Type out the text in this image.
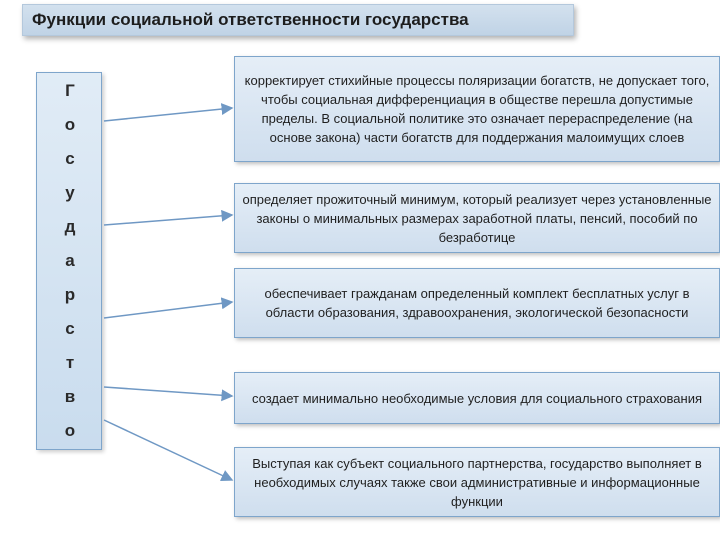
Функции социальной ответственности государства
Г
о
с
у
д
а
р
с
т
в
о
корректирует стихийные процессы поляризации богатств, не допускает того, чтобы социальная дифференциация в обществе перешла допустимые пределы. В социальной политике это означает перераспределение (на основе закона) части богатств для поддержания малоимущих слоев
определяет прожиточный минимум, который реализует через установленные законы о минимальных размерах заработной платы, пенсий, пособий по безработице
обеспечивает гражданам определенный комплект бесплатных услуг в области образования, здравоохранения, экологической безопасности
создает минимально необходимые условия для социального страхования
Выступая как субъект социального партнерства, государство выполняет в необходимых случаях также свои административные и информационные функции
